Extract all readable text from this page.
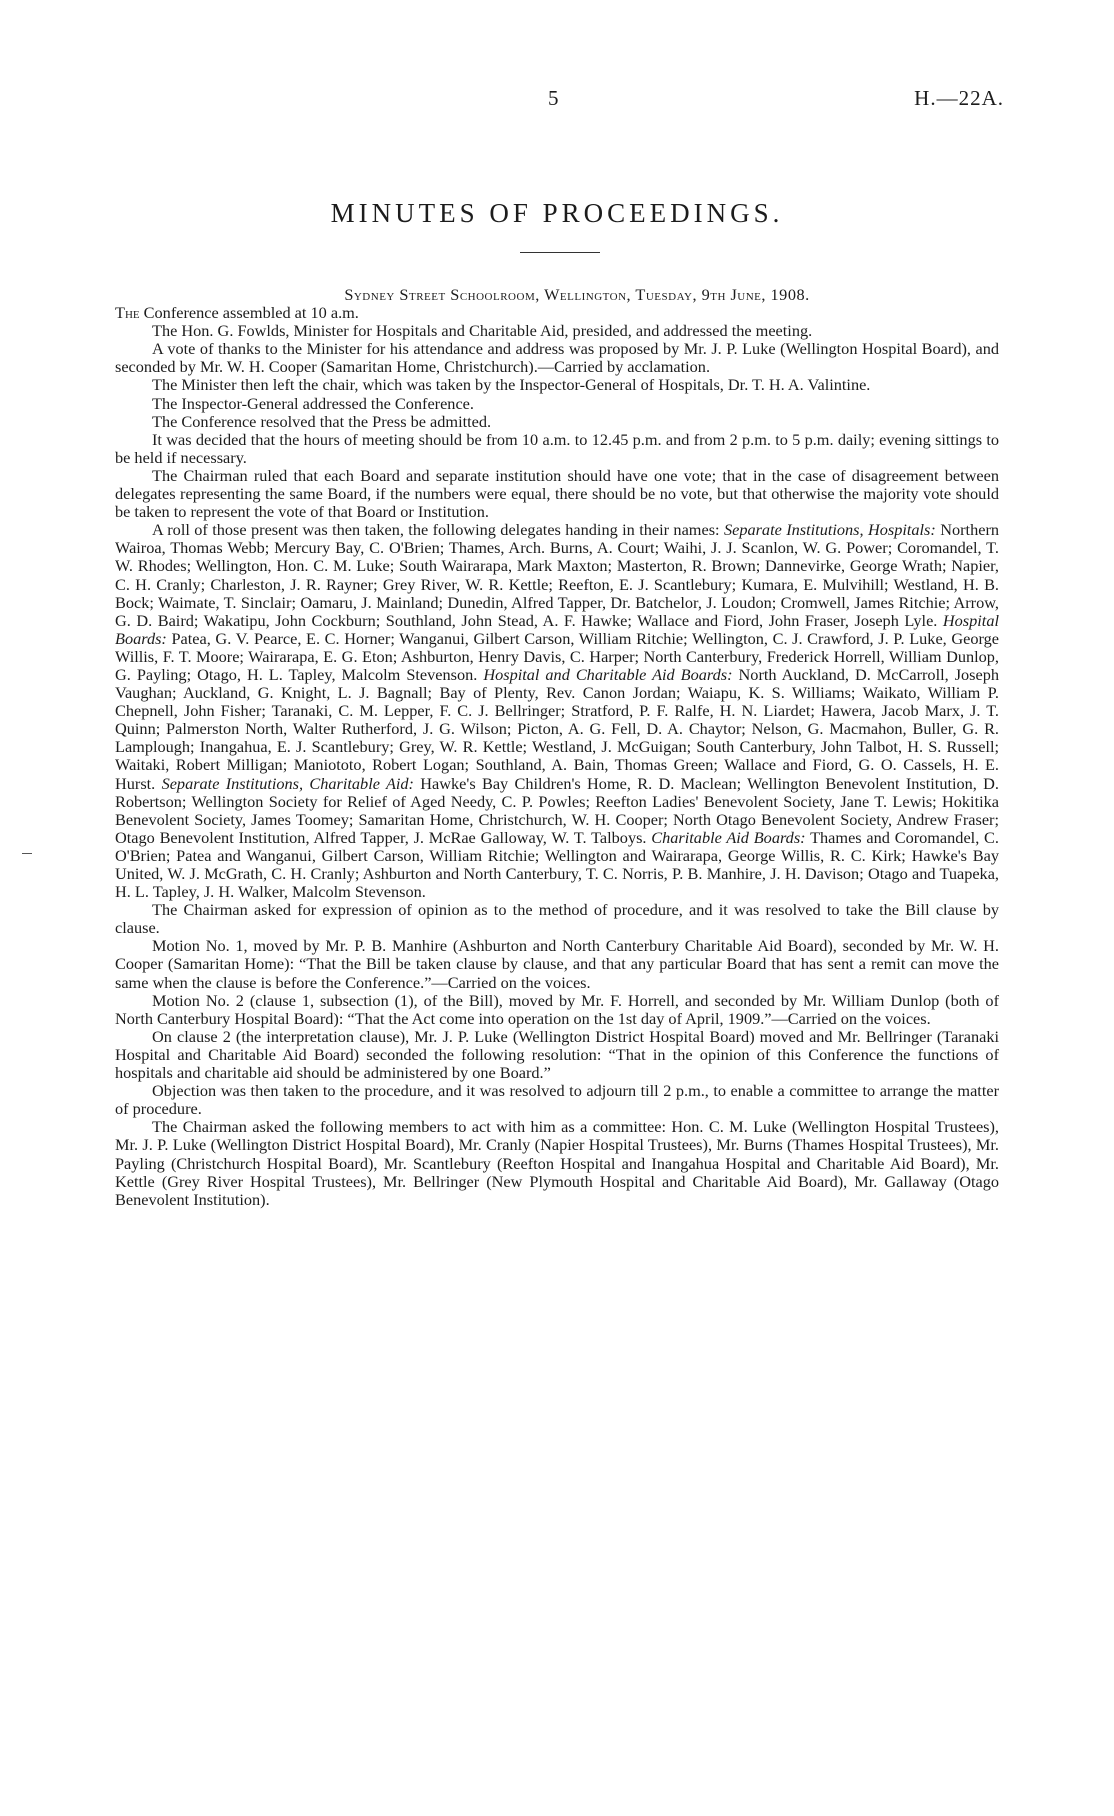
5	H.—22A.
MINUTES OF PROCEEDINGS.
Sydney Street Schoolroom, Wellington, Tuesday, 9th June, 1908.

The Conference assembled at 10 a.m.

The Hon. G. Fowlds, Minister for Hospitals and Charitable Aid, presided, and addressed the meeting.

A vote of thanks to the Minister for his attendance and address was proposed by Mr. J. P. Luke (Wellington Hospital Board), and seconded by Mr. W. H. Cooper (Samaritan Home, Christchurch).—Carried by acclamation.

The Minister then left the chair, which was taken by the Inspector-General of Hospitals, Dr. T. H. A. Valintine.

The Inspector-General addressed the Conference.

The Conference resolved that the Press be admitted.

It was decided that the hours of meeting should be from 10 a.m. to 12.45 p.m. and from 2 p.m. to 5 p.m. daily; evening sittings to be held if necessary.

The Chairman ruled that each Board and separate institution should have one vote; that in the case of disagreement between delegates representing the same Board, if the numbers were equal, there should be no vote, but that otherwise the majority vote should be taken to represent the vote of that Board or Institution.

A roll of those present was then taken, the following delegates handing in their names: Separate Institutions, Hospitals: Northern Wairoa, Thomas Webb; Mercury Bay, C. O'Brien; Thames, Arch. Burns, A. Court; Waihi, J. J. Scanlon, W. G. Power; Coromandel, T. W. Rhodes; Wellington, Hon. C. M. Luke; South Wairarapa, Mark Maxton; Masterton, R. Brown; Dannevirke, George Wrath; Napier, C. H. Cranly; Charleston, J. R. Rayner; Grey River, W. R. Kettle; Reefton, E. J. Scantlebury; Kumara, E. Mulvihill; Westland, H. B. Bock; Waimate, T. Sinclair; Oamaru, J. Mainland; Dunedin, Alfred Tapper, Dr. Batchelor, J. Loudon; Cromwell, James Ritchie; Arrow, G. D. Baird; Wakatipu, John Cockburn; Southland, John Stead, A. F. Hawke; Wallace and Fiord, John Fraser, Joseph Lyle. Hospital Boards: Patea, G. V. Pearce, E. C. Horner; Wanganui, Gilbert Carson, William Ritchie; Wellington, C. J. Crawford, J. P. Luke, George Willis, F. T. Moore; Wairarapa, E. G. Eton; Ashburton, Henry Davis, C. Harper; North Canterbury, Frederick Horrell, William Dunlop, G. Payling; Otago, H. L. Tapley, Malcolm Stevenson. Hospital and Charitable Aid Boards: North Auckland, D. McCarroll, Joseph Vaughan; Auckland, G. Knight, L. J. Bagnall; Bay of Plenty, Rev. Canon Jordan; Waiapu, K. S. Williams; Waikato, William P. Chepnell, John Fisher; Taranaki, C. M. Lepper, F. C. J. Bellringer; Stratford, P. F. Ralfe, H. N. Liardet; Hawera, Jacob Marx, J. T. Quinn; Palmerston North, Walter Rutherford, J. G. Wilson; Picton, A. G. Fell, D. A. Chaytor; Nelson, G. Macmahon, Buller, G. R. Lamplough; Inangahua, E. J. Scantlebury; Grey, W. R. Kettle; Westland, J. McGuigan; South Canterbury, John Talbot, H. S. Russell; Waitaki, Robert Milligan; Maniototo, Robert Logan; Southland, A. Bain, Thomas Green; Wallace and Fiord, G. O. Cassels, H. E. Hurst. Separate Institutions, Charitable Aid: Hawke's Bay Children's Home, R. D. Maclean; Wellington Benevolent Institution, D. Robertson; Wellington Society for Relief of Aged Needy, C. P. Powles; Reefton Ladies' Benevolent Society, Jane T. Lewis; Hokitika Benevolent Society, James Toomey; Samaritan Home, Christchurch, W. H. Cooper; North Otago Benevolent Society, Andrew Fraser; Otago Benevolent Institution, Alfred Tapper, J. McRae Galloway, W. T. Talboys. Charitable Aid Boards: Thames and Coromandel, C. O'Brien; Patea and Wanganui, Gilbert Carson, William Ritchie; Wellington and Wairarapa, George Willis, R. C. Kirk; Hawke's Bay United, W. J. McGrath, C. H. Cranly; Ashburton and North Canterbury, T. C. Norris, P. B. Manhire, J. H. Davison; Otago and Tuapeka, H. L. Tapley, J. H. Walker, Malcolm Stevenson.

The Chairman asked for expression of opinion as to the method of procedure, and it was resolved to take the Bill clause by clause.

Motion No. 1, moved by Mr. P. B. Manhire (Ashburton and North Canterbury Charitable Aid Board), seconded by Mr. W. H. Cooper (Samaritan Home): “That the Bill be taken clause by clause, and that any particular Board that has sent a remit can move the same when the clause is before the Conference.”—Carried on the voices.

Motion No. 2 (clause 1, subsection (1), of the Bill), moved by Mr. F. Horrell, and seconded by Mr. William Dunlop (both of North Canterbury Hospital Board): “That the Act come into operation on the 1st day of April, 1909.”—Carried on the voices.

On clause 2 (the interpretation clause), Mr. J. P. Luke (Wellington District Hospital Board) moved and Mr. Bellringer (Taranaki Hospital and Charitable Aid Board) seconded the following resolution: “That in the opinion of this Conference the functions of hospitals and charitable aid should be administered by one Board.”

Objection was then taken to the procedure, and it was resolved to adjourn till 2 p.m., to enable a committee to arrange the matter of procedure.

The Chairman asked the following members to act with him as a committee: Hon. C. M. Luke (Wellington Hospital Trustees), Mr. J. P. Luke (Wellington District Hospital Board), Mr. Cranly (Napier Hospital Trustees), Mr. Burns (Thames Hospital Trustees), Mr. Payling (Christchurch Hospital Board), Mr. Scantlebury (Reefton Hospital and Inangahua Hospital and Charitable Aid Board), Mr. Kettle (Grey River Hospital Trustees), Mr. Bellringer (New Plymouth Hospital and Charitable Aid Board), Mr. Gallaway (Otago Benevolent Institution).
